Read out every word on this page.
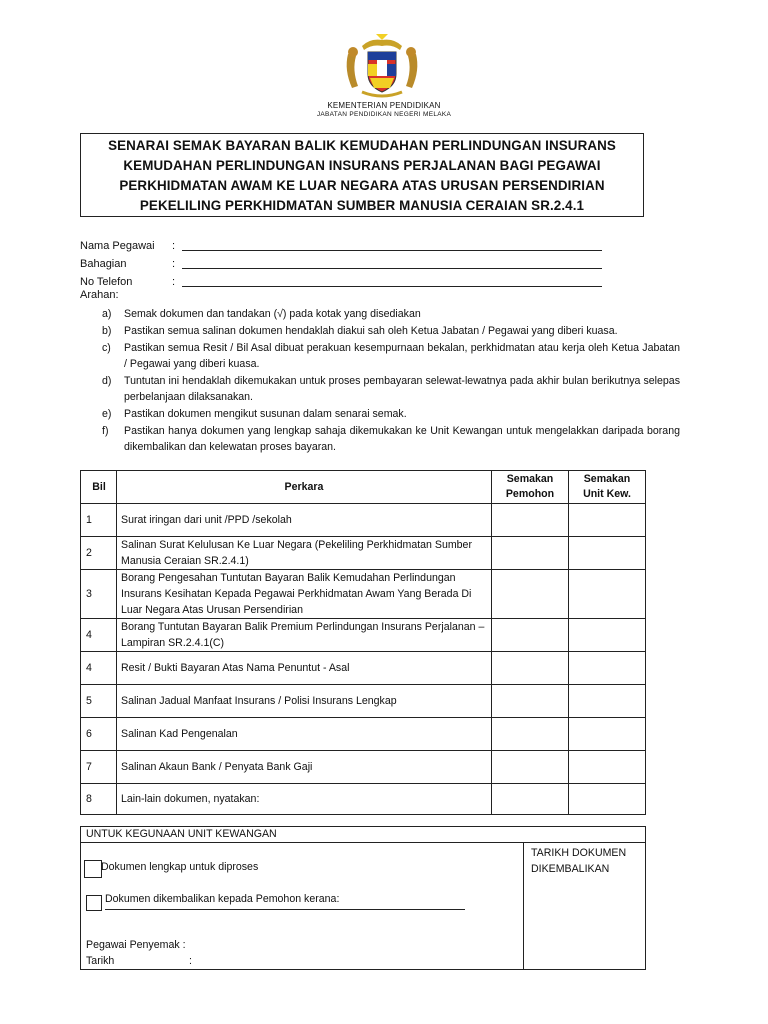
KEMENTERIAN PENDIDIKAN
JABATAN PENDIDIKAN NEGERI MELAKA
SENARAI SEMAK BAYARAN BALIK KEMUDAHAN PERLINDUNGAN INSURANS
KEMUDAHAN PERLINDUNGAN INSURANS PERJALANAN BAGI PEGAWAI
PERKHIDMATAN AWAM KE LUAR NEGARA ATAS URUSAN PERSENDIRIAN
PEKELILING PERKHIDMATAN SUMBER MANUSIA CERAIAN SR.2.4.1
Nama Pegawai	:
Bahagian	:
No Telefon	:
Arahan:
a)	Semak dokumen dan tandakan (√) pada kotak yang disediakan
b)	Pastikan semua salinan dokumen hendaklah diakui sah oleh Ketua Jabatan / Pegawai yang diberi kuasa.
c)	Pastikan semua Resit / Bil Asal dibuat perakuan kesempurnaan bekalan, perkhidmatan atau kerja oleh Ketua Jabatan / Pegawai yang diberi kuasa.
d)	Tuntutan ini hendaklah dikemukakan untuk proses pembayaran selewat-lewatnya pada akhir bulan berikutnya selepas perbelanjaan dilaksanakan.
e)	Pastikan dokumen mengikut susunan dalam senarai semak.
f)	Pastikan hanya dokumen yang lengkap sahaja dikemukakan ke Unit Kewangan untuk mengelakkan daripada borang dikembalikan dan kelewatan proses bayaran.
Bil	Perkara	Semakan Pemohon	Semakan Unit Kew.
1	Surat iringan dari unit /PPD /sekolah		
2	Salinan Surat Kelulusan Ke Luar Negara (Pekeliling Perkhidmatan Sumber Manusia Ceraian SR.2.4.1)		
3	Borang Pengesahan Tuntutan Bayaran Balik Kemudahan Perlindungan Insurans Kesihatan Kepada Pegawai Perkhidmatan Awam Yang Berada Di Luar Negara Atas Urusan Persendirian		
4	Borang Tuntutan Bayaran Balik Premium Perlindungan Insurans Perjalanan – Lampiran SR.2.4.1(C)		
4	Resit / Bukti Bayaran Atas Nama Penuntut - Asal		
5	Salinan Jadual Manfaat Insurans / Polisi Insurans Lengkap		
6	Salinan Kad Pengenalan		
7	Salinan Akaun Bank / Penyata Bank Gaji		
8	Lain-lain dokumen, nyatakan:		
UNTUK KEGUNAAN UNIT KEWANGAN
TARIKH DOKUMEN DIKEMBALIKAN
Dokumen lengkap untuk diproses
Dokumen dikembalikan kepada Pemohon kerana:
Pegawai Penyemak :
Tarikh	:
